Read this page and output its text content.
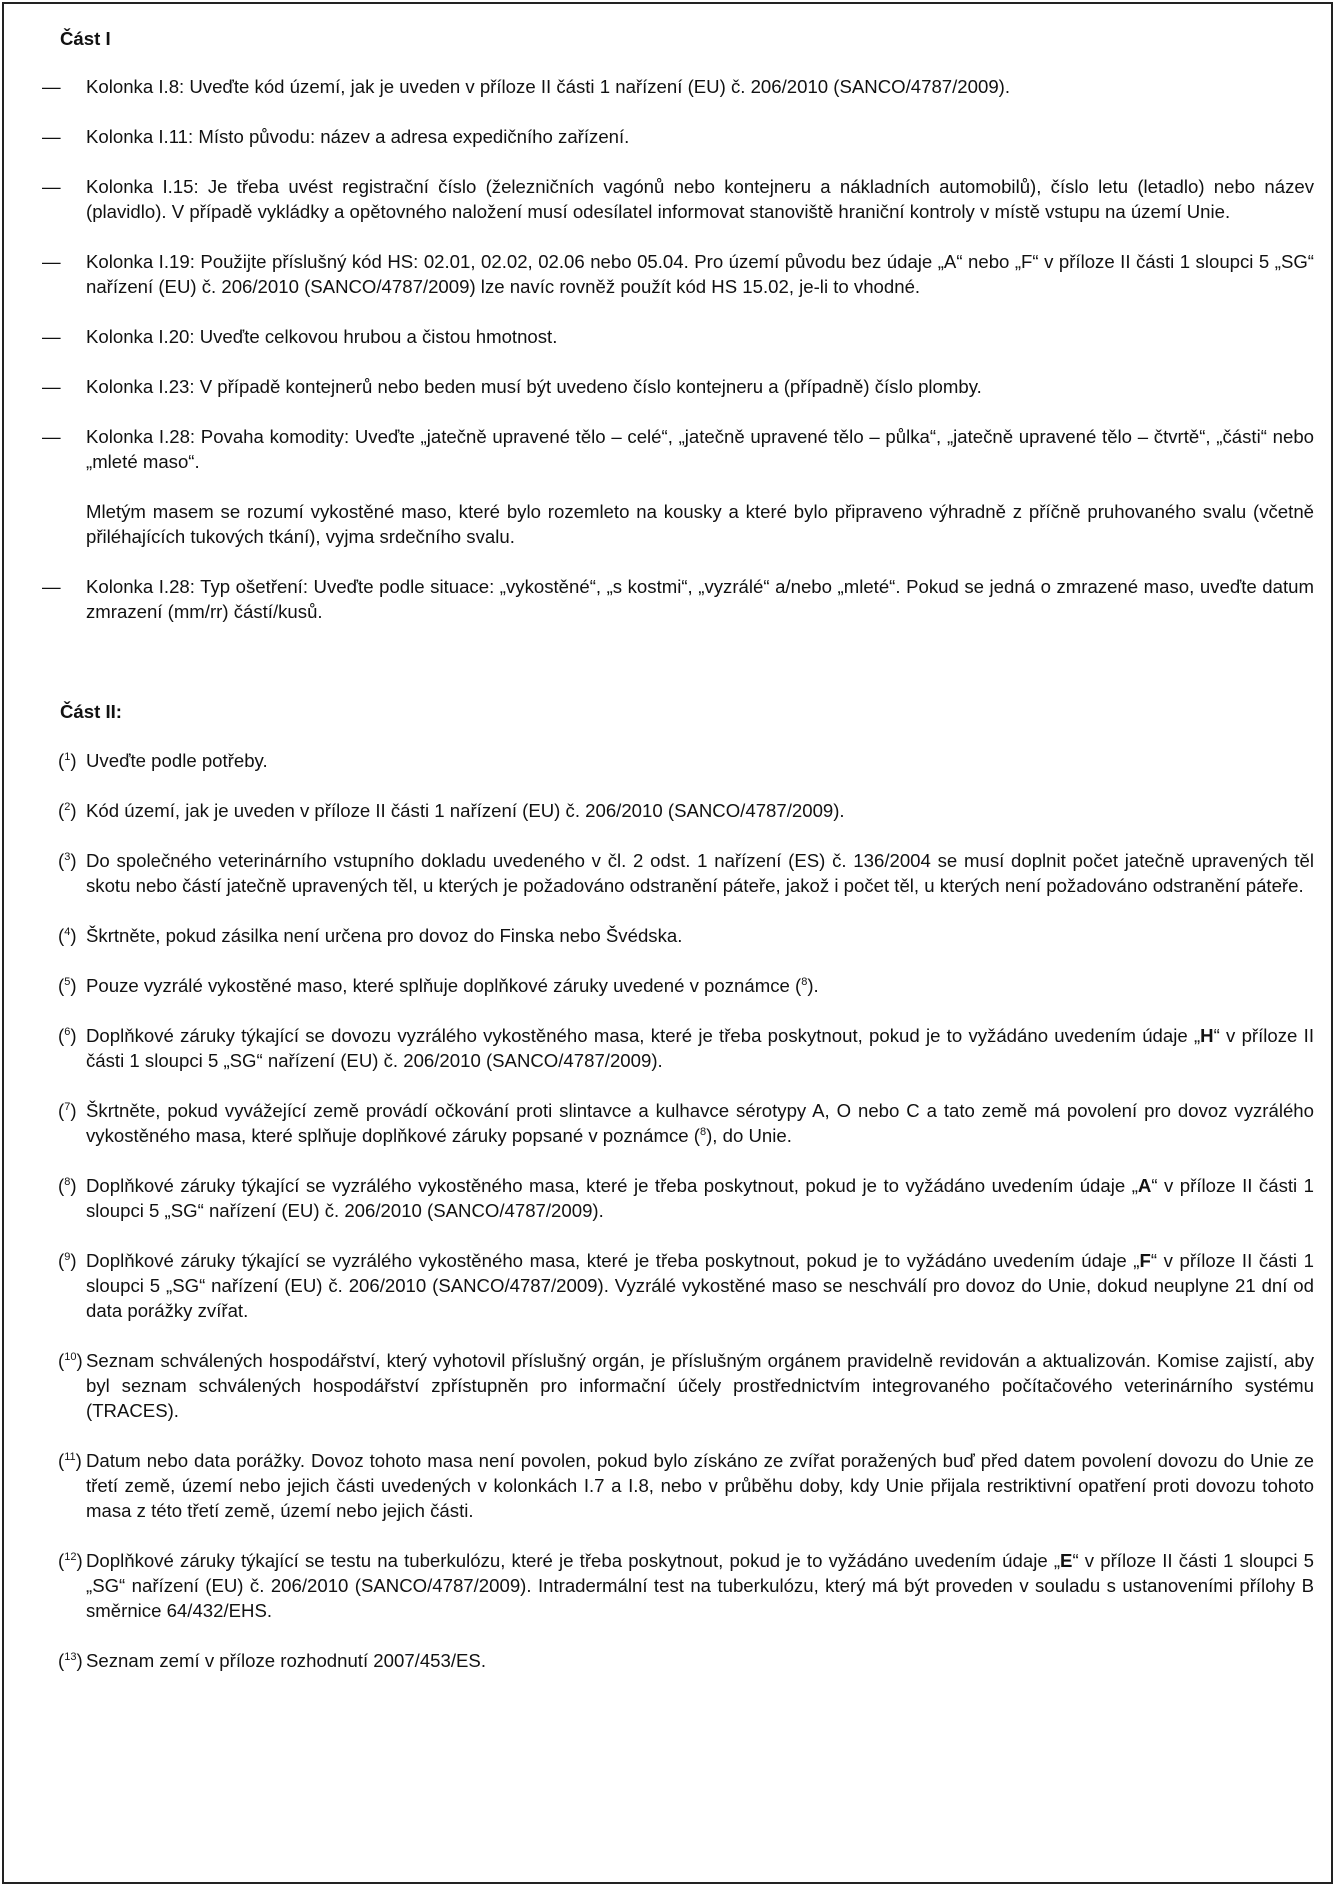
Část I
— Kolonka I.8: Uveďte kód území, jak je uveden v příloze II části 1 nařízení (EU) č. 206/2010 (SANCO/4787/2009).
— Kolonka I.11: Místo původu: název a adresa expedičního zařízení.
— Kolonka I.15: Je třeba uvést registrační číslo (železničních vagónů nebo kontejneru a nákladních automobilů), číslo letu (letadlo) nebo název (plavidlo). V případě vykládky a opětovného naložení musí odesílatel informovat stanoviště hraniční kontroly v místě vstupu na území Unie.
— Kolonka I.19: Použijte příslušný kód HS: 02.01, 02.02, 02.06 nebo 05.04. Pro území původu bez údaje „A“ nebo „F“ v příloze II části 1 sloupci 5 „SG“ nařízení (EU) č. 206/2010 (SANCO/4787/2009) lze navíc rovněž použít kód HS 15.02, je-li to vhodné.
— Kolonka I.20: Uveďte celkovou hrubou a čistou hmotnost.
— Kolonka I.23: V případě kontejnerů nebo beden musí být uvedeno číslo kontejneru a (případně) číslo plomby.
— Kolonka I.28: Povaha komodity: Uveďte „jatečně upravené tělo – celé“, „jatečně upravené tělo – půlka“, „jatečně upravené tělo – čtvrtě“, „části“ nebo „mleté maso“.
Mletým masem se rozumí vykostěné maso, které bylo rozemleto na kousky a které bylo připraveno výhradně z příčně pruhovaného svalu (včetně přiléhajících tukových tkání), vyjma srdečního svalu.
— Kolonka I.28: Typ ošetření: Uveďte podle situace: „vykostěné“, „s kostmi“, „vyzrálé“ a/nebo „mleté“. Pokud se jedná o zmrazené maso, uveďte datum zmrazení (mm/rr) částí/kusů.
Část II:
($^1$) Uveďte podle potřeby.
($^2$) Kód území, jak je uveden v příloze II části 1 nařízení (EU) č. 206/2010 (SANCO/4787/2009).
($^3$) Do společného veterinárního vstupního dokladu uvedeného v čl. 2 odst. 1 nařízení (ES) č. 136/2004 se musí doplnit počet jatečně upravených těl skotu nebo částí jatečně upravených těl, u kterých je požadováno odstranění páteře, jakož i počet těl, u kterých není požadováno odstranění páteře.
($^4$) Škrtněte, pokud zásilka není určena pro dovoz do Finska nebo Švédska.
($^5$) Pouze vyzrálé vykostěné maso, které splňuje doplňkové záruky uvedené v poznámce ($^8$).
($^6$) Doplňkové záruky týkající se dovozu vyzrálého vykostěného masa, které je třeba poskytnout, pokud je to vyžádáno uvedením údaje „H“ v příloze II části 1 sloupci 5 „SG“ nařízení (EU) č. 206/2010 (SANCO/4787/2009).
($^7$) Škrtněte, pokud vyvážející země provádí očkování proti slintavce a kulhavce sérotypy A, O nebo C a tato země má povolení pro dovoz vyzrálého vykostěného masa, které splňuje doplňkové záruky popsané v poznámce ($^8$), do Unie.
($^8$) Doplňkové záruky týkající se vyzrálého vykostěného masa, které je třeba poskytnout, pokud je to vyžádáno uvedením údaje „A“ v příloze II části 1 sloupci 5 „SG“ nařízení (EU) č. 206/2010 (SANCO/4787/2009).
($^9$) Doplňkové záruky týkající se vyzrálého vykostěného masa, které je třeba poskytnout, pokud je to vyžádáno uvedením údaje „F“ v příloze II části 1 sloupci 5 „SG“ nařízení (EU) č. 206/2010 (SANCO/4787/2009). Vyzrálé vykostěné maso se neschválí pro dovoz do Unie, dokud neuplyne 21 dní od data porážky zvířat.
($^{10}$) Seznam schválených hospodářství, který vyhotovil příslušný orgán, je příslušným orgánem pravidelně revidován a aktualizován. Komise zajistí, aby byl seznam schválených hospodářství zpřístupněn pro informační účely prostřednictvím integrovaného počítačového veterinárního systému (TRACES).
($^{11}$) Datum nebo data porážky. Dovoz tohoto masa není povolen, pokud bylo získáno ze zvířat poražených buď před datem povolení dovozu do Unie ze třetí země, území nebo jejich části uvedených v kolonkách I.7 a I.8, nebo v průběhu doby, kdy Unie přijala restriktivní opatření proti dovozu tohoto masa z této třetí země, území nebo jejich části.
($^{12}$) Doplňkové záruky týkající se testu na tuberkulózu, které je třeba poskytnout, pokud je to vyžádáno uvedením údaje „E“ v příloze II části 1 sloupci 5 „SG“ nařízení (EU) č. 206/2010 (SANCO/4787/2009). Intradermální test na tuberkulózu, který má být proveden v souladu s ustanoveními přílohy B směrnice 64/432/EHS.
($^{13}$) Seznam zemí v příloze rozhodnutí 2007/453/ES.
